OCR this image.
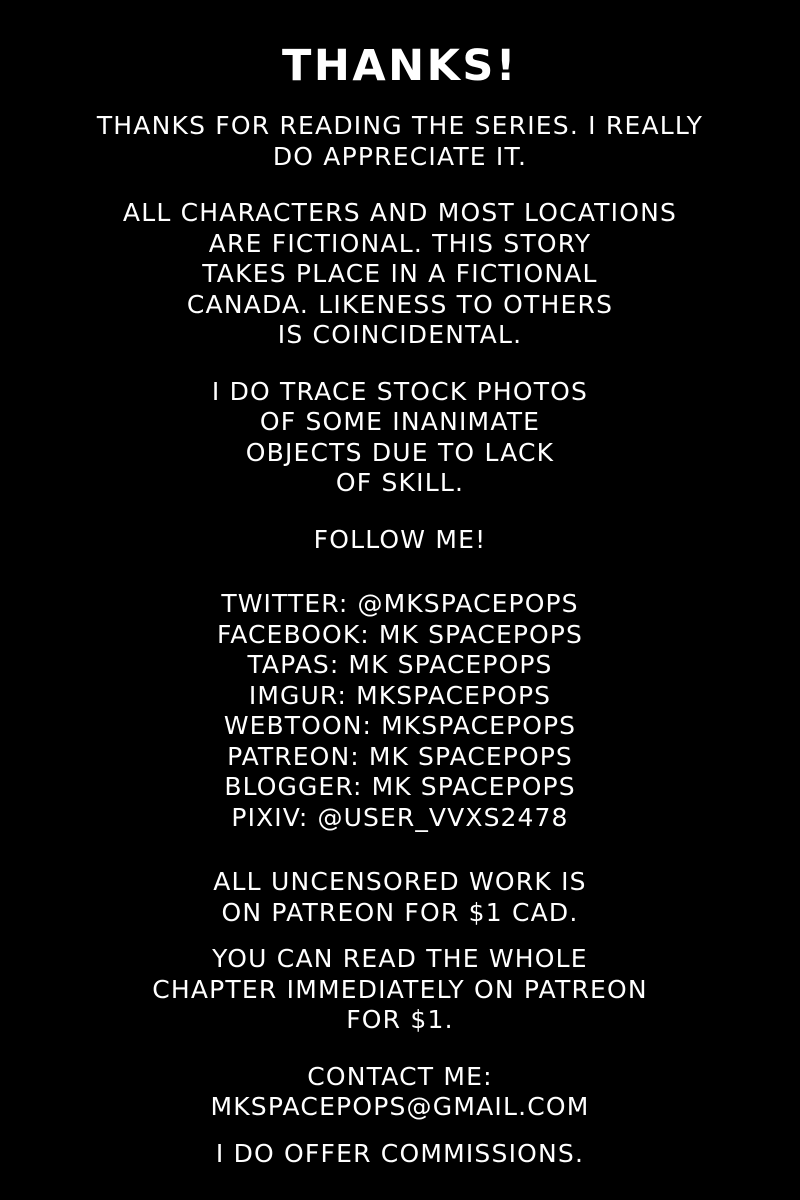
THANKS!
THANKS FOR READING THE SERIES. I REALLY
DO APPRECIATE IT.
ALL CHARACTERS AND MOST LOCATIONS
ARE FICTIONAL. THIS STORY
TAKES PLACE IN A FICTIONAL
CANADA. LIKENESS TO OTHERS
IS COINCIDENTAL.
I DO TRACE STOCK PHOTOS
OF SOME INANIMATE
OBJECTS DUE TO LACK
OF SKILL.
FOLLOW ME!
TWITTER: @MKSPACEPOPS
FACEBOOK: MK SPACEPOPS
TAPAS: MK SPACEPOPS
IMGUR: MKSPACEPOPS
WEBTOON: MKSPACEPOPS
PATREON: MK SPACEPOPS
BLOGGER: MK SPACEPOPS
PIXIV: @USER_VVXS2478
ALL UNCENSORED WORK IS
ON PATREON FOR $1 CAD.
YOU CAN READ THE WHOLE
CHAPTER IMMEDIATELY ON PATREON
FOR $1.
CONTACT ME:
MKSPACEPOPS@GMAIL.COM
I DO OFFER COMMISSIONS.
